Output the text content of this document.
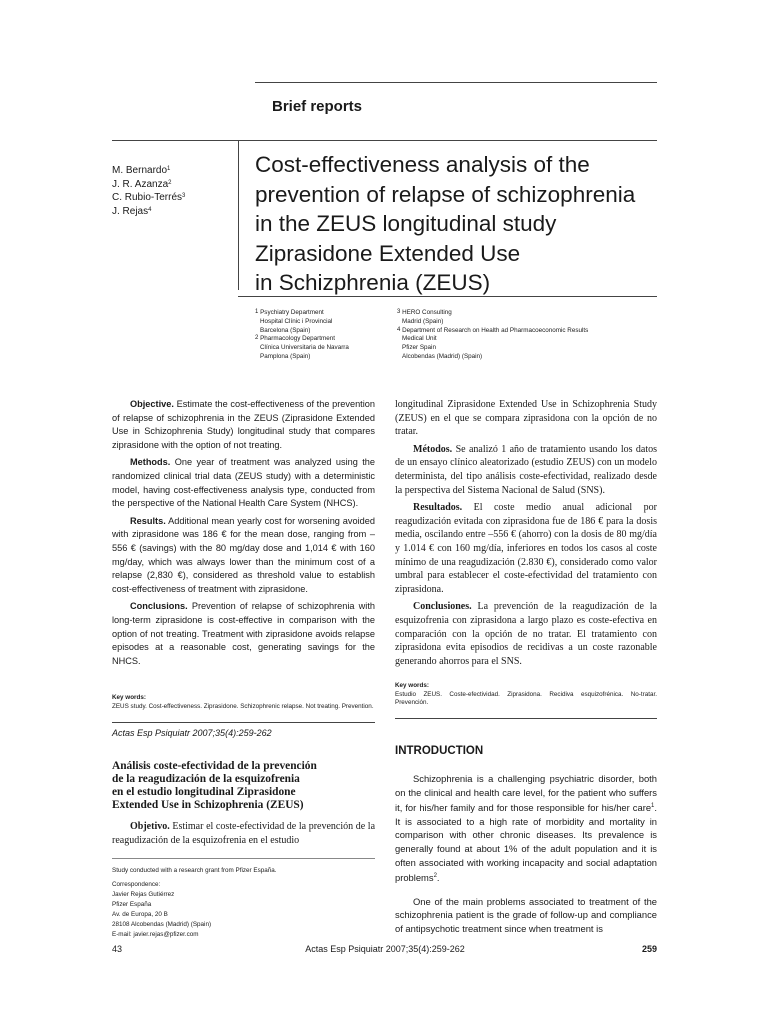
Brief reports
M. Bernardo$^1$
J. R. Azanza$^2$
C. Rubio-Terrés$^3$
J. Rejas$^4$
Cost-effectiveness analysis of the
prevention of relapse of schizophrenia
in the ZEUS longitudinal study
Ziprasidone Extended Use
in Schizphrenia (ZEUS)
$^1$ Psychiatry Department
Hospital Clínic i Provincial
Barcelona (Spain)
$^2$ Pharmacology Department
Clínica Universitaria de Navarra
Pamplona (Spain)
$^3$ HERO Consulting
Madrid (Spain)
$^4$ Department of Research on Health ad Pharmacoeconomic Results
Medical Unit
Pfizer Spain
Alcobendas (Madrid) (Spain)

Objective. Estimate the cost-effectiveness of the prevention of relapse of schizophrenia in the ZEUS (Ziprasidone Extended Use in Schizophrenia Study) longitudinal study that compares ziprasidone with the option of not treating.

Methods. One year of treatment was analyzed using the randomized clinical trial data (ZEUS study) with a deterministic model, having cost-effectiveness analysis type, conducted from the perspective of the National Health Care System (NHCS).

Results. Additional mean yearly cost for worsening avoided with ziprasidone was 186 € for the mean dose, ranging from –556 € (savings) with the 80 mg/day dose and 1,014 € with 160 mg/day, which was always lower than the minimum cost of a relapse (2,830 €), considered as threshold value to establish cost-effectiveness of treatment with ziprasidone.

Conclusions. Prevention of relapse of schizophrenia with long-term ziprasidone is cost-effective in comparison with the option of not treating. Treatment with ziprasidone avoids relapse episodes at a reasonable cost, generating savings for the NHCS.

Key words:
ZEUS study. Cost-effectiveness. Ziprasidone. Schizophrenic relapse. Not treating. Prevention.

longitudinal Ziprasidone Extended Use in Schizophrenia Study (ZEUS) en el que se compara ziprasidona con la opción de no tratar.

Métodos. Se analizó 1 año de tratamiento usando los datos de un ensayo clínico aleatorizado (estudio ZEUS) con un modelo determinista, del tipo análisis coste-efectividad, realizado desde la perspectiva del Sistema Nacional de Salud (SNS).

Resultados. El coste medio anual adicional por reagudización evitada con ziprasidona fue de 186 € para la dosis media, oscilando entre –556 € (ahorro) con la dosis de 80 mg/día y 1.014 € con 160 mg/día, inferiores en todos los casos al coste mínimo de una reagudización (2.830 €), considerado como valor umbral para establecer el coste-efectividad del tratamiento con ziprasidona.

Conclusiones. La prevención de la reagudización de la esquizofrenia con ziprasidona a largo plazo es coste-efectiva en comparación con la opción de no tratar. El tratamiento con ziprasidona evita episodios de recidivas a un coste razonable generando ahorros para el SNS.

Key words:
Estudio ZEUS. Coste-efectividad. Ziprasidona. Recidiva esquizofrénica. No-tratar. Prevención.
Actas Esp Psiquiatr 2007;35(4):259-262
Análisis coste-efectividad de la prevención
de la reagudización de la esquizofrenia
en el estudio longitudinal Ziprasidone
Extended Use in Schizophrenia (ZEUS)

Objetivo. Estimar el coste-efectividad de la prevención de la reagudización de la esquizofrenia en el estudio

Study conducted with a research grant from Pfizer España.
Correspondence:
Javier Rejas Gutiérrez
Pfizer España
Av. de Europa, 20 B
28108 Alcobendas (Madrid) (Spain)
E-mail: javier.rejas@pfizer.com
INTRODUCTION

Schizophrenia is a challenging psychiatric disorder, both on the clinical and health care level, for the patient who suffers it, for his/her family and for those responsible for his/her care$^1$. It is associated to a high rate of morbidity and mortality in comparison with other chronic diseases. Its prevalence is generally found at about 1% of the adult population and it is often associated with working incapacity and social adaptation problems$^2$.

One of the main problems associated to treatment of the schizophrenia patient is the grade of follow-up and compliance of antipsychotic treatment since when treatment is

43	Actas Esp Psiquiatr 2007;35(4):259-262	259
